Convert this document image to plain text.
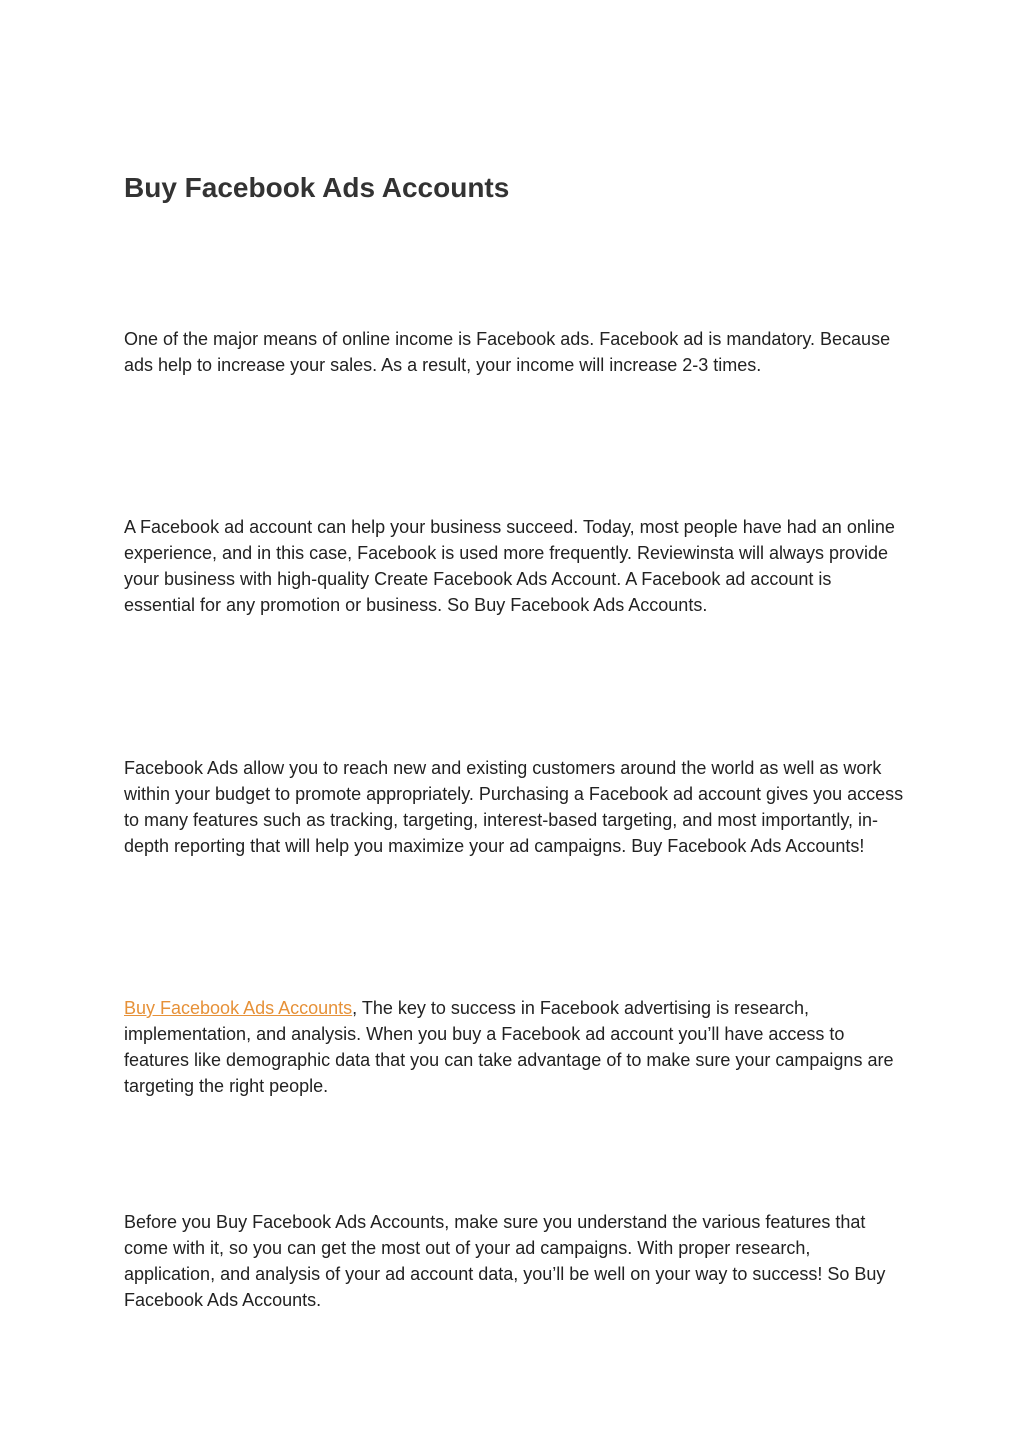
Buy Facebook Ads Accounts

One of the major means of online income is Facebook ads. Facebook ad is mandatory. Because ads help to increase your sales. As a result, your income will increase 2-3 times.

A Facebook ad account can help your business succeed. Today, most people have had an online experience, and in this case, Facebook is used more frequently. Reviewinsta will always provide your business with high-quality Create Facebook Ads Account. A Facebook ad account is essential for any promotion or business. So Buy Facebook Ads Accounts.

Facebook Ads allow you to reach new and existing customers around the world as well as work within your budget to promote appropriately. Purchasing a Facebook ad account gives you access to many features such as tracking, targeting, interest-based targeting, and most importantly, in-depth reporting that will help you maximize your ad campaigns. Buy Facebook Ads Accounts!

Buy Facebook Ads Accounts, The key to success in Facebook advertising is research, implementation, and analysis. When you buy a Facebook ad account you’ll have access to features like demographic data that you can take advantage of to make sure your campaigns are targeting the right people.

Before you Buy Facebook Ads Accounts, make sure you understand the various features that come with it, so you can get the most out of your ad campaigns. With proper research, application, and analysis of your ad account data, you’ll be well on your way to success! So Buy Facebook Ads Accounts.
